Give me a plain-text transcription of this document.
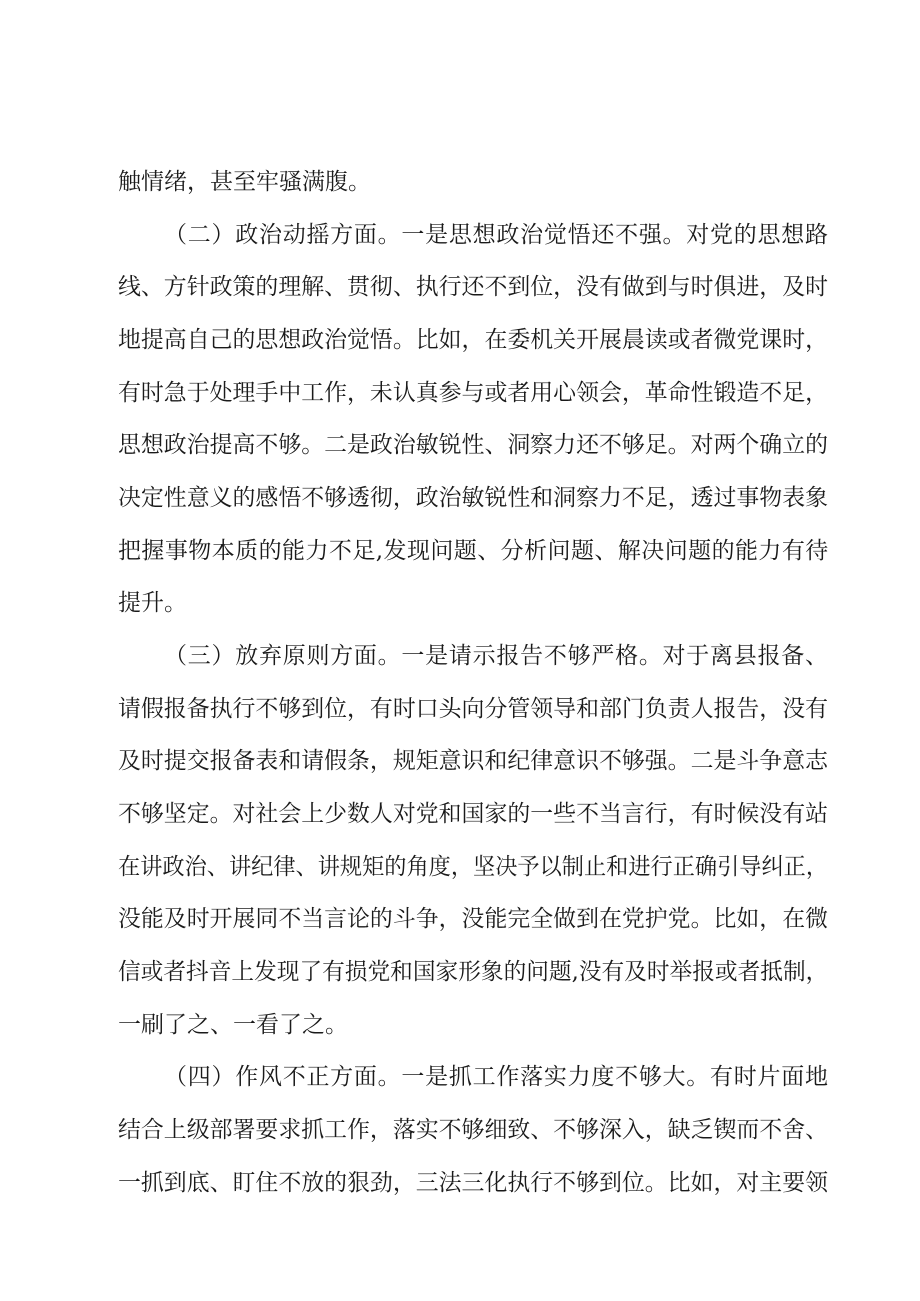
触情绪，甚至牢骚满腹。
（二）政治动摇方面。一是思想政治觉悟还不强。对党的思想路
线、方针政策的理解、贯彻、执行还不到位，没有做到与时俱进，及时
地提高自己的思想政治觉悟。比如，在委机关开展晨读或者微党课时，
有时急于处理手中工作，未认真参与或者用心领会，革命性锻造不足，
思想政治提高不够。二是政治敏锐性、洞察力还不够足。对两个确立的
决定性意义的感悟不够透彻，政治敏锐性和洞察力不足，透过事物表象
把握事物本质的能力不足,发现问题、分析问题、解决问题的能力有待
提升。
（三）放弃原则方面。一是请示报告不够严格。对于离县报备、
请假报备执行不够到位，有时口头向分管领导和部门负责人报告，没有
及时提交报备表和请假条，规矩意识和纪律意识不够强。二是斗争意志
不够坚定。对社会上少数人对党和国家的一些不当言行，有时候没有站
在讲政治、讲纪律、讲规矩的角度，坚决予以制止和进行正确引导纠正，
没能及时开展同不当言论的斗争，没能完全做到在党护党。比如，在微
信或者抖音上发现了有损党和国家形象的问题,没有及时举报或者抵制，
一刷了之、一看了之。
（四）作风不正方面。一是抓工作落实力度不够大。有时片面地
结合上级部署要求抓工作，落实不够细致、不够深入，缺乏锲而不舍、
一抓到底、盯住不放的狠劲，三法三化执行不够到位。比如，对主要领
